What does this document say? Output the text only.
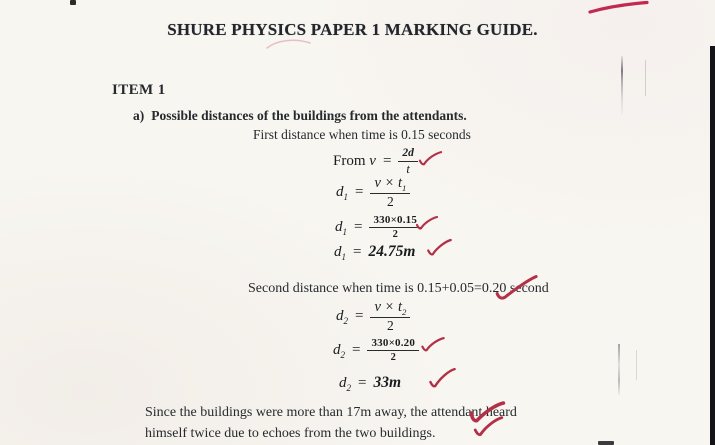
SHURE PHYSICS PAPER 1 MARKING GUIDE.
ITEM 1
a) Possible distances of the buildings from the attendants.
First distance when time is 0.15 seconds
From
$v = \frac{2d}{t}$
$d_1 = \frac{v \times t_1}{2}$
$d_1 = \frac{330\times 0.15}{2}$
$d_1 = 24.75m$
Second distance when time is 0.15+0.05=0.20 second
$d_2 = \frac{v \times t_2}{2}$
$d_2 = \frac{330\times 0.20}{2}$
$d_2 = 33m$
Since the buildings were more than 17m away, the attendant heard
himself twice due to echoes from the two buildings.
